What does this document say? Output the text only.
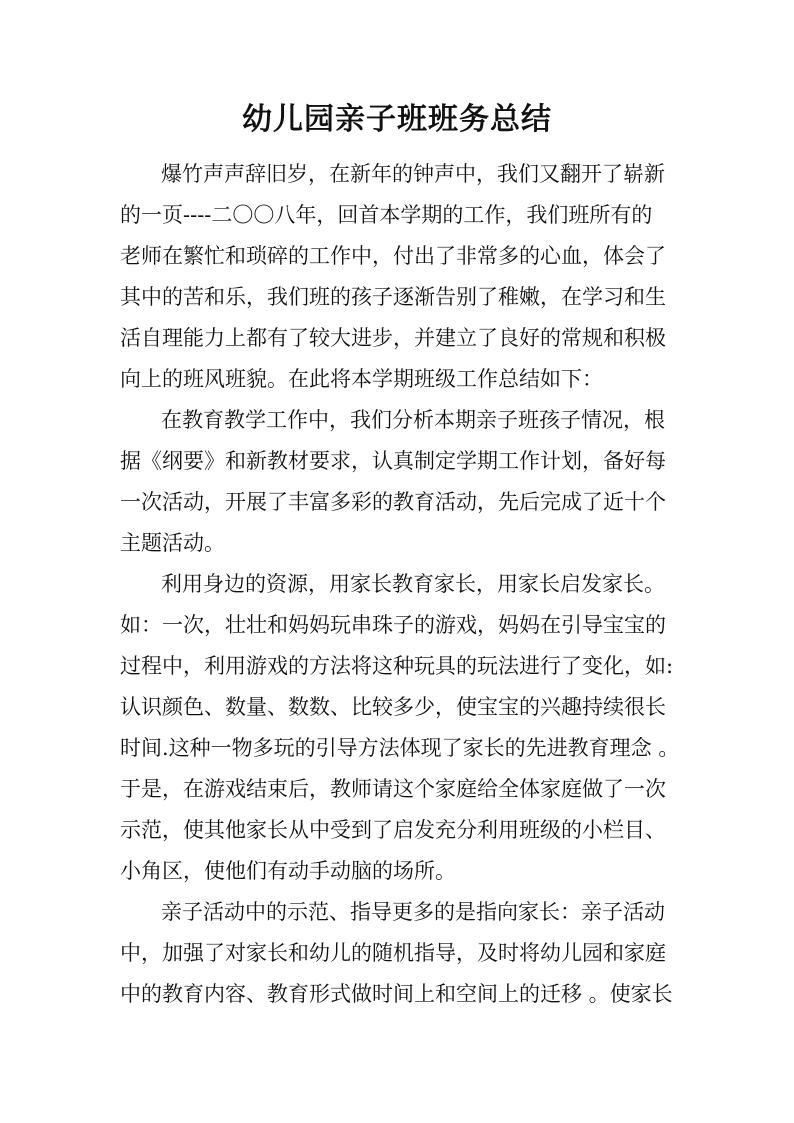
幼儿园亲子班班务总结
爆竹声声辞旧岁，在新年的钟声中，我们又翻开了崭新
的一页----二〇〇八年，回首本学期的工作，我们班所有的
老师在繁忙和琐碎的工作中，付出了非常多的心血，体会了
其中的苦和乐，我们班的孩子逐渐告别了稚嫩，在学习和生
活自理能力上都有了较大进步，并建立了良好的常规和积极
向上的班风班貌。在此将本学期班级工作总结如下：
在教育教学工作中，我们分析本期亲子班孩子情况，根
据《纲要》和新教材要求，认真制定学期工作计划，备好每
一次活动，开展了丰富多彩的教育活动，先后完成了近十个
主题活动。
利用身边的资源，用家长教育家长，用家长启发家长。
如：一次，壮壮和妈妈玩串珠子的游戏，妈妈在引导宝宝的
过程中，利用游戏的方法将这种玩具的玩法进行了变化，如:
认识颜色、数量、数数、比较多少，使宝宝的兴趣持续很长
时间.这种一物多玩的引导方法体现了家长的先进教育理念 。
于是，在游戏结束后，教师请这个家庭给全体家庭做了一次
示范，使其他家长从中受到了启发充分利用班级的小栏目、
小角区，使他们有动手动脑的场所。
亲子活动中的示范、指导更多的是指向家长：亲子活动
中，加强了对家长和幼儿的随机指导，及时将幼儿园和家庭
中的教育内容、教育形式做时间上和空间上的迁移 。使家长
